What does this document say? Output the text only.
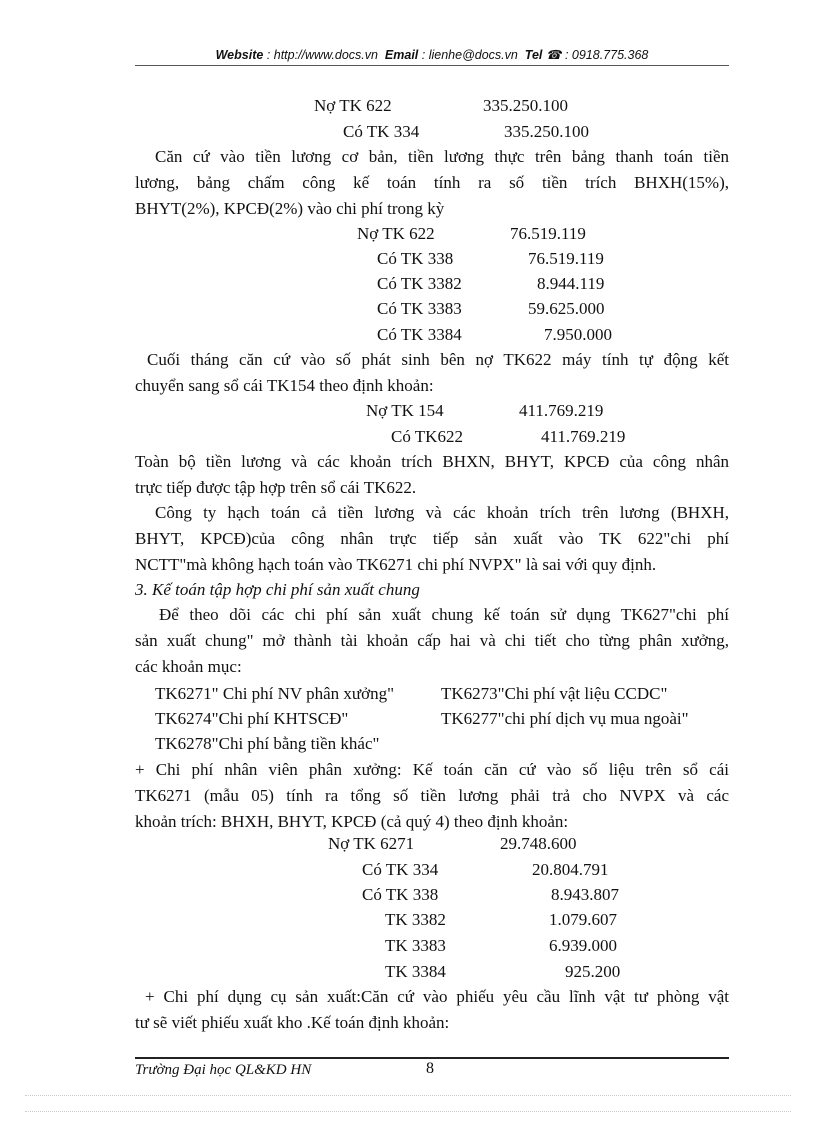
Website : http://www.docs.vn Email : lienhe@docs.vn Tel ☎ : 0918.775.368
Nợ TK 622	335.250.100
Có TK 334	335.250.100
Căn cứ vào tiền lương cơ bản, tiền lương thực trên bảng thanh toán tiền
lương, bảng chấm công kế toán tính ra số tiền trích BHXH(15%),
BHYT(2%), KPCĐ(2%) vào chi phí trong kỳ
Nợ TK 622	76.519.119
Có TK 338	76.519.119
Có TK 3382	8.944.119
Có TK 3383	59.625.000
Có TK 3384	7.950.000
Cuối tháng căn cứ vào số phát sinh bên nợ TK622 máy tính tự động kết
chuyển sang sổ cái TK154 theo định khoản:
Nợ TK 154	411.769.219
Có TK622	411.769.219
Toàn bộ tiền lương và các khoản trích BHXN, BHYT, KPCĐ của công nhân
trực tiếp được tập hợp trên sổ cái TK622.
Công ty hạch toán cả tiền lương và các khoản trích trên lương (BHXH,
BHYT, KPCĐ)của công nhân trực tiếp sản xuất vào TK 622"chi phí
NCTT"mà không hạch toán vào TK6271 chi phí NVPX" là sai với quy định.
3. Kế toán tập hợp chi phí sản xuất chung
Để theo dõi các chi phí sản xuất chung kế toán sử dụng TK627"chi phí
sản xuất chung" mở thành tài khoản cấp hai và chi tiết cho từng phân xưởng,
các khoản mục:
TK6271" Chi phí NV phân xưởng"	TK6273"Chi phí vật liệu CCDC"
TK6274"Chi phí KHTSCĐ"	TK6277"chi phí dịch vụ mua ngoài"
TK6278"Chi phí bằng tiền khác"
+ Chi phí nhân viên phân xưởng: Kế toán căn cứ vào số liệu trên sổ cái
TK6271 (mẫu 05) tính ra tổng số tiền lương phải trả cho NVPX và các
khoản trích: BHXH, BHYT, KPCĐ (cả quý 4) theo định khoản:
Nợ TK 6271	29.748.600
Có TK 334	20.804.791
Có TK 338	8.943.807
TK 3382	1.079.607
TK 3383	6.939.000
TK 3384	925.200
+ Chi phí dụng cụ sản xuất:Căn cứ vào phiếu yêu cầu lĩnh vật tư phòng vật
tư sẽ viết phiếu xuất kho .Kế toán định khoản:
Trường Đại học QL&KD HN	8
